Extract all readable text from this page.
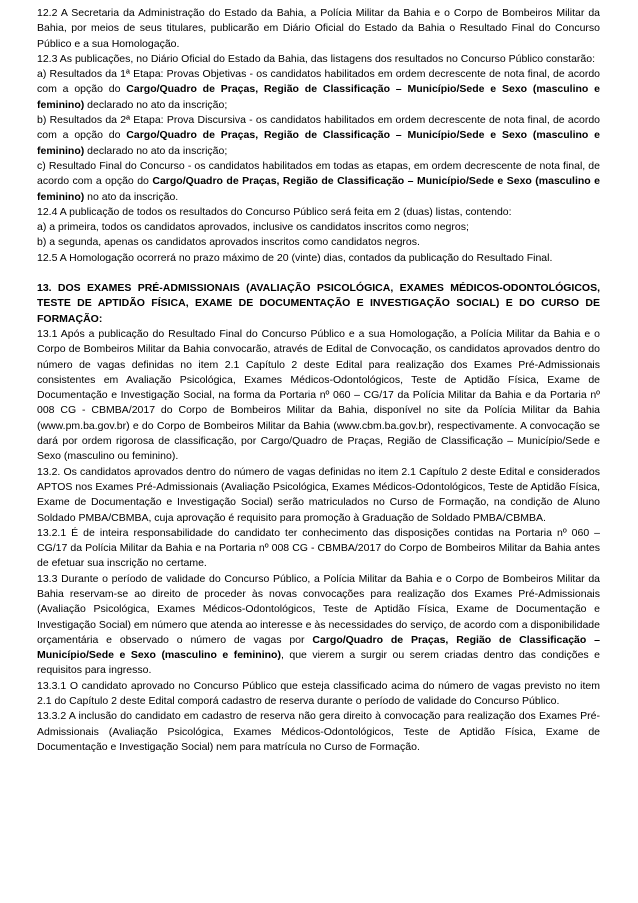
12.2 A Secretaria da Administração do Estado da Bahia, a Polícia Militar da Bahia e o Corpo de Bombeiros Militar da Bahia, por meios de seus titulares, publicarão em Diário Oficial do Estado da Bahia o Resultado Final do Concurso Público e a sua Homologação.

12.3 As publicações, no Diário Oficial do Estado da Bahia, das listagens dos resultados no Concurso Público constarão:

a) Resultados da 1ª Etapa: Provas Objetivas - os candidatos habilitados em ordem decrescente de nota final, de acordo com a opção do Cargo/Quadro de Praças, Região de Classificação – Município/Sede e Sexo (masculino e feminino) declarado no ato da inscrição;

b) Resultados da 2ª Etapa: Prova Discursiva - os candidatos habilitados em ordem decrescente de nota final, de acordo com a opção do Cargo/Quadro de Praças, Região de Classificação – Município/Sede e Sexo (masculino e feminino) declarado no ato da inscrição;

c) Resultado Final do Concurso - os candidatos habilitados em todas as etapas, em ordem decrescente de nota final, de acordo com a opção do Cargo/Quadro de Praças, Região de Classificação – Município/Sede e Sexo (masculino e feminino) no ato da inscrição.

12.4 A publicação de todos os resultados do Concurso Público será feita em 2 (duas) listas, contendo:

a) a primeira, todos os candidatos aprovados, inclusive os candidatos inscritos como negros;

b) a segunda, apenas os candidatos aprovados inscritos como candidatos negros.

12.5 A Homologação ocorrerá no prazo máximo de 20 (vinte) dias, contados da publicação do Resultado Final.

13. DOS EXAMES PRÉ-ADMISSIONAIS (AVALIAÇÃO PSICOLÓGICA, EXAMES MÉDICOS-ODONTOLÓGICOS, TESTE DE APTIDÃO FÍSICA, EXAME DE DOCUMENTAÇÃO E INVESTIGAÇÃO SOCIAL) E DO CURSO DE FORMAÇÃO:

13.1 Após a publicação do Resultado Final do Concurso Público e a sua Homologação, a Polícia Militar da Bahia e o Corpo de Bombeiros Militar da Bahia convocarão, através de Edital de Convocação, os candidatos aprovados dentro do número de vagas definidas no item 2.1 Capítulo 2 deste Edital para realização dos Exames Pré-Admissionais consistentes em Avaliação Psicológica, Exames Médicos-Odontológicos, Teste de Aptidão Física, Exame de Documentação e Investigação Social, na forma da Portaria nº 060 – CG/17 da Polícia Militar da Bahia e da Portaria nº 008 CG - CBMBA/2017 do Corpo de Bombeiros Militar da Bahia, disponível no site da Polícia Militar da Bahia (www.pm.ba.gov.br) e do Corpo de Bombeiros Militar da Bahia (www.cbm.ba.gov.br), respectivamente. A convocação se dará por ordem rigorosa de classificação, por Cargo/Quadro de Praças, Região de Classificação – Município/Sede e Sexo (masculino ou feminino).

13.2. Os candidatos aprovados dentro do número de vagas definidas no item 2.1 Capítulo 2 deste Edital e considerados APTOS nos Exames Pré-Admissionais (Avaliação Psicológica, Exames Médicos-Odontológicos, Teste de Aptidão Física, Exame de Documentação e Investigação Social) serão matriculados no Curso de Formação, na condição de Aluno Soldado PMBA/CBMBA, cuja aprovação é requisito para promoção à Graduação de Soldado PMBA/CBMBA.

13.2.1 É de inteira responsabilidade do candidato ter conhecimento das disposições contidas na Portaria nº 060 – CG/17 da Polícia Militar da Bahia e na Portaria nº 008 CG - CBMBA/2017 do Corpo de Bombeiros Militar da Bahia antes de efetuar sua inscrição no certame.

13.3 Durante o período de validade do Concurso Público, a Polícia Militar da Bahia e o Corpo de Bombeiros Militar da Bahia reservam-se ao direito de proceder às novas convocações para realização dos Exames Pré-Admissionais (Avaliação Psicológica, Exames Médicos-Odontológicos, Teste de Aptidão Física, Exame de Documentação e Investigação Social) em número que atenda ao interesse e às necessidades do serviço, de acordo com a disponibilidade orçamentária e observado o número de vagas por Cargo/Quadro de Praças, Região de Classificação – Município/Sede e Sexo (masculino e feminino), que vierem a surgir ou serem criadas dentro das condições e requisitos para ingresso.

13.3.1 O candidato aprovado no Concurso Público que esteja classificado acima do número de vagas previsto no item 2.1 do Capítulo 2 deste Edital comporá cadastro de reserva durante o período de validade do Concurso Público.

13.3.2 A inclusão do candidato em cadastro de reserva não gera direito à convocação para realização dos Exames Pré-Admissionais (Avaliação Psicológica, Exames Médicos-Odontológicos, Teste de Aptidão Física, Exame de Documentação e Investigação Social) nem para matrícula no Curso de Formação.
